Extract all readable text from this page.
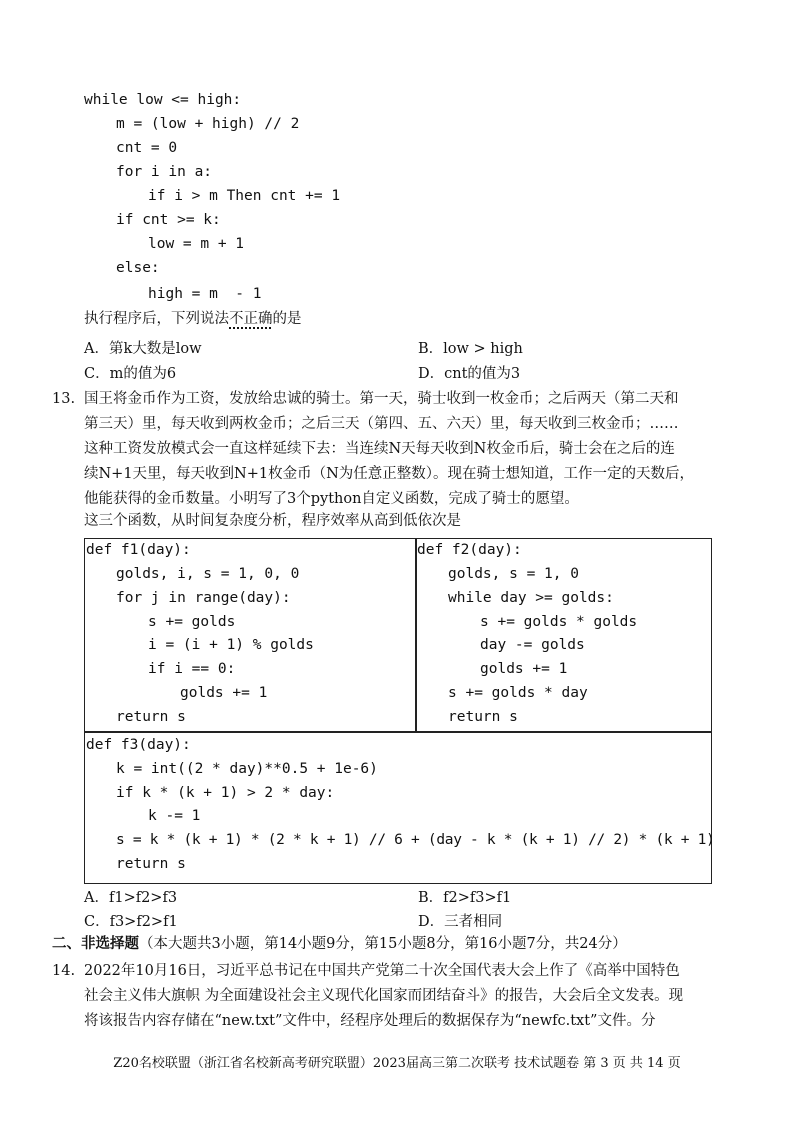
while low <= high:
m = (low + high) // 2
cnt = 0
for i in a:
if i > m Then cnt += 1
if cnt >= k:
low = m + 1
else:
high = m  - 1
执行程序后，下列说法不正确的是
A．第k大数是low	B．low > high
C．m的值为6	D．cnt的值为3
13. 国王将金币作为工资，发放给忠诚的骑士。第一天，骑士收到一枚金币；之后两天（第二天和
第三天）里，每天收到两枚金币；之后三天（第四、五、六天）里，每天收到三枚金币；……
这种工资发放模式会一直这样延续下去：当连续N天每天收到N枚金币后，骑士会在之后的连
续N+1天里，每天收到N+1枚金币（N为任意正整数）。现在骑士想知道，工作一定的天数后，
他能获得的金币数量。小明写了3个python自定义函数，完成了骑士的愿望。
这三个函数，从时间复杂度分析，程序效率从高到低依次是
def f1(day):
golds, i, s = 1, 0, 0
for j in range(day):
s += golds
i = (i + 1) % golds
if i == 0:
golds += 1
return s
def f2(day):
golds, s = 1, 0
while day >= golds:
s += golds * golds
day -= golds
golds += 1
s += golds * day
return s
def f3(day):
k = int((2 * day)**0.5 + 1e-6)
if k * (k + 1) > 2 * day:
k -= 1
s = k * (k + 1) * (2 * k + 1) // 6 + (day - k * (k + 1) // 2) * (k + 1)
return s
A．f1>f2>f3	B．f2>f3>f1
C．f3>f2>f1	D．三者相同
二、非选择题（本大题共3小题，第14小题9分，第15小题8分，第16小题7分，共24分）
14. 2022年10月16日，习近平总书记在中国共产党第二十次全国代表大会上作了《高举中国特色
社会主义伟大旗帜 为全面建设社会主义现代化国家而团结奋斗》的报告，大会后全文发表。现
将该报告内容存储在“new.txt”文件中，经程序处理后的数据保存为“newfc.txt”文件。分
Z20名校联盟（浙江省名校新高考研究联盟）2023届高三第二次联考 技术试题卷 第 3 页 共 14 页
